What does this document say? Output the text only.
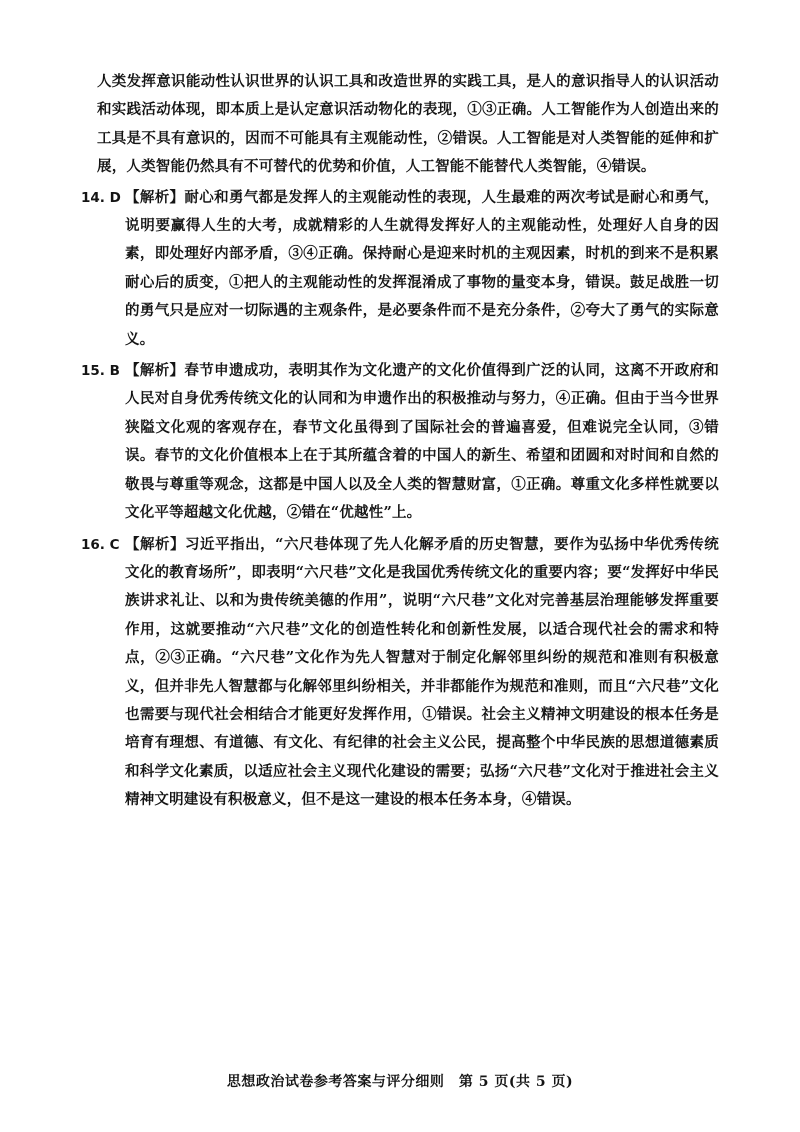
人类发挥意识能动性认识世界的认识工具和改造世界的实践工具，是人的意识指导人的认识活动和实践活动体现，即本质上是认定意识活动物化的表现，①③正确。人工智能作为人创造出来的工具是不具有意识的，因而不可能具有主观能动性，②错误。人工智能是对人类智能的延伸和扩展，人类智能仍然具有不可替代的优势和价值，人工智能不能替代人类智能，④错误。

14. D 【解析】耐心和勇气都是发挥人的主观能动性的表现，人生最难的两次考试是耐心和勇气，说明要赢得人生的大考，成就精彩的人生就得发挥好人的主观能动性，处理好人自身的因素，即处理好内部矛盾，③④正确。保持耐心是迎来时机的主观因素，时机的到来不是积累耐心后的质变，①把人的主观能动性的发挥混淆成了事物的量变本身，错误。鼓足战胜一切的勇气只是应对一切际遇的主观条件，是必要条件而不是充分条件，②夸大了勇气的实际意义。

15. B 【解析】春节申遗成功，表明其作为文化遗产的文化价值得到广泛的认同，这离不开政府和人民对自身优秀传统文化的认同和为申遗作出的积极推动与努力，④正确。但由于当今世界狭隘文化观的客观存在，春节文化虽得到了国际社会的普遍喜爱，但难说完全认同，③错误。春节的文化价值根本上在于其所蕴含着的中国人的新生、希望和团圆和对时间和自然的敬畏与尊重等观念，这都是中国人以及全人类的智慧财富，①正确。尊重文化多样性就要以文化平等超越文化优越，②错在“优越性”上。

16. C 【解析】习近平指出，“六尺巷体现了先人化解矛盾的历史智慧，要作为弘扬中华优秀传统文化的教育场所”，即表明“六尺巷”文化是我国优秀传统文化的重要内容；要“发挥好中华民族讲求礼让、以和为贵传统美德的作用”，说明“六尺巷”文化对完善基层治理能够发挥重要作用，这就要推动“六尺巷”文化的创造性转化和创新性发展，以适合现代社会的需求和特点，②③正确。“六尺巷”文化作为先人智慧对于制定化解邻里纠纷的规范和准则有积极意义，但并非先人智慧都与化解邻里纠纷相关，并非都能作为规范和准则，而且“六尺巷”文化也需要与现代社会相结合才能更好发挥作用，①错误。社会主义精神文明建设的根本任务是培育有理想、有道德、有文化、有纪律的社会主义公民，提高整个中华民族的思想道德素质和科学文化素质，以适应社会主义现代化建设的需要；弘扬“六尺巷”文化对于推进社会主义精神文明建设有积极意义，但不是这一建设的根本任务本身，④错误。

思想政治试卷参考答案与评分细则　第 5 页(共 5 页)
